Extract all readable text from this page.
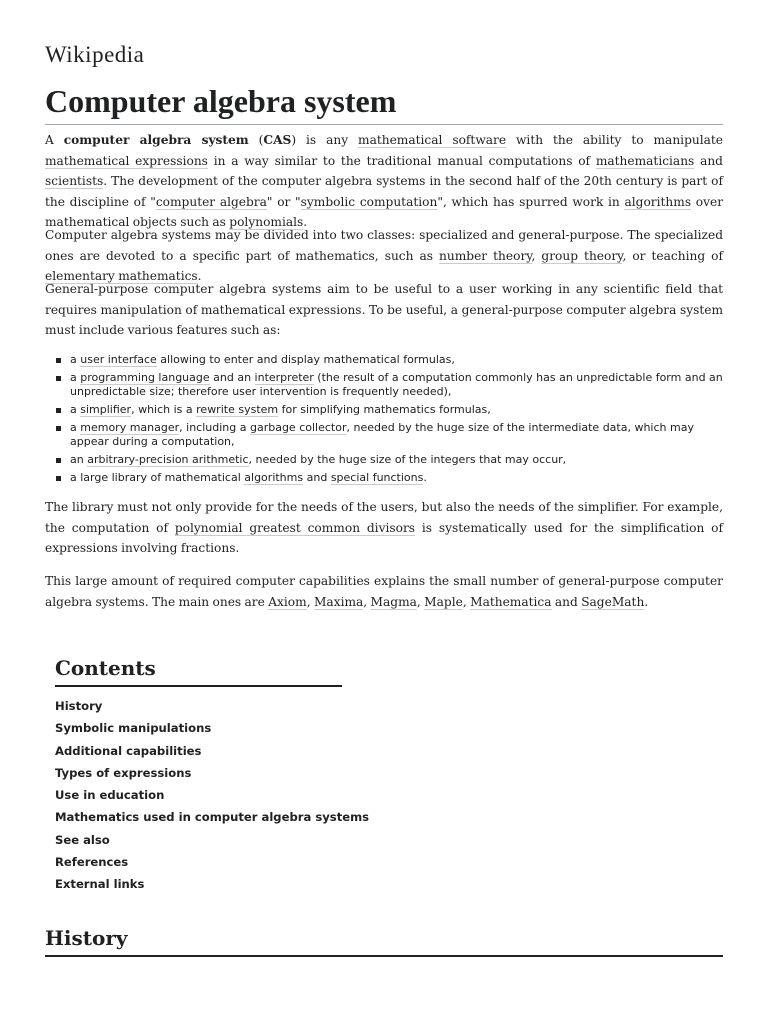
Wikipedia
Computer algebra system

A computer algebra system (CAS) is any mathematical software with the ability to manipulate mathematical expressions in a way similar to the traditional manual computations of mathematicians and scientists. The development of the computer algebra systems in the second half of the 20th century is part of the discipline of "computer algebra" or "symbolic computation", which has spurred work in algorithms over mathematical objects such as polynomials.

Computer algebra systems may be divided into two classes: specialized and general-purpose. The specialized ones are devoted to a specific part of mathematics, such as number theory, group theory, or teaching of elementary mathematics.

General-purpose computer algebra systems aim to be useful to a user working in any scientific field that requires manipulation of mathematical expressions. To be useful, a general-purpose computer algebra system must include various features such as:

a user interface allowing to enter and display mathematical formulas,
a programming language and an interpreter (the result of a computation commonly has an unpredictable form and an unpredictable size; therefore user intervention is frequently needed),
a simplifier, which is a rewrite system for simplifying mathematics formulas,
a memory manager, including a garbage collector, needed by the huge size of the intermediate data, which may appear during a computation,
an arbitrary-precision arithmetic, needed by the huge size of the integers that may occur,
a large library of mathematical algorithms and special functions.

The library must not only provide for the needs of the users, but also the needs of the simplifier. For example, the computation of polynomial greatest common divisors is systematically used for the simplification of expressions involving fractions.

This large amount of required computer capabilities explains the small number of general-purpose computer algebra systems. The main ones are Axiom, Maxima, Magma, Maple, Mathematica and SageMath.

Contents
History
Symbolic manipulations
Additional capabilities
Types of expressions
Use in education
Mathematics used in computer algebra systems
See also
References
External links
History
